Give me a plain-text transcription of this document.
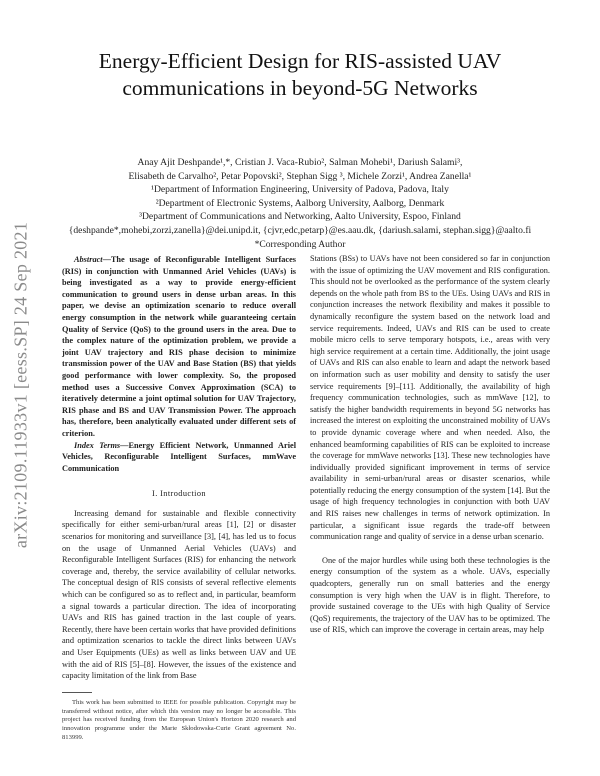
Energy-Efficient Design for RIS-assisted UAV
communications in beyond-5G Networks
Anay Ajit Deshpande¹,*, Cristian J. Vaca-Rubio², Salman Mohebi¹, Dariush Salami³,
Elisabeth de Carvalho², Petar Popovski², Stephan Sigg ³, Michele Zorzi¹, Andrea Zanella¹
¹Department of Information Engineering, University of Padova, Padova, Italy
²Department of Electronic Systems, Aalborg University, Aalborg, Denmark
³Department of Communications and Networking, Aalto University, Espoo, Finland
{deshpande*,mohebi,zorzi,zanella}@dei.unipd.it, {cjvr,edc,petarp}@es.aau.dk, {dariush.salami, stephan.sigg}@aalto.fi
*Corresponding Author
arXiv:2109.11933v1 [eess.SP] 24 Sep 2021	Abstract—The usage of Reconfigurable Intelligent Surfaces (RIS) in conjunction with Unmanned Ariel Vehicles (UAVs) is being investigated as a way to provide energy-efficient communication to ground users in dense urban areas. In this paper, we devise an optimization scenario to reduce overall energy consumption in the network while guaranteeing certain Quality of Service (QoS) to the ground users in the area. Due to the complex nature of the optimization problem, we provide a joint UAV trajectory and RIS phase decision to minimize transmission power of the UAV and Base Station (BS) that yields good performance with lower complexity. So, the proposed method uses a Successive Convex Approximation (SCA) to iteratively determine a joint optimal solution for UAV Trajectory, RIS phase and BS and UAV Transmission Power. The approach has, therefore, been analytically evaluated under different sets of criterion.

Index Terms—Energy Efficient Network, Unmanned Ariel Vehicles, Reconfigurable Intelligent Surfaces, mmWave Communication

I. Introduction

Increasing demand for sustainable and flexible connectivity specifically for either semi-urban/rural areas [1], [2] or disaster scenarios for monitoring and surveillance [3], [4], has led us to focus on the usage of Unmanned Aerial Vehicles (UAVs) and Reconfigurable Intelligent Surfaces (RIS) for enhancing the network coverage and, thereby, the service availability of cellular networks. The conceptual design of RIS consists of several reflective elements which can be configured so as to reflect and, in particular, beamform a signal towards a particular direction. The idea of incorporating UAVs and RIS has gained traction in the last couple of years. Recently, there have been certain works that have provided definitions and optimization scenarios to tackle the direct links between UAVs and User Equipments (UEs) as well as links between UAV and UE with the aid of RIS [5]–[8]. However, the issues of the existence and capacity limitation of the link from Base

This work has been submitted to IEEE for possible publication. Copyright may be transferred without notice, after which this version may no longer be accessible. This project has received funding from the European Union's Horizon 2020 research and innovation programme under the Marie Skłodowska-Curie Grant agreement No. 813999.

Stations (BSs) to UAVs have not been considered so far in conjunction with the issue of optimizing the UAV movement and RIS configuration. This should not be overlooked as the performance of the system clearly depends on the whole path from BS to the UEs. Using UAVs and RIS in conjunction increases the network flexibility and makes it possible to dynamically reconfigure the system based on the network load and service requirements. Indeed, UAVs and RIS can be used to create mobile micro cells to serve temporary hotspots, i.e., areas with very high service requirement at a certain time. Additionally, the joint usage of UAVs and RIS can also enable to learn and adapt the network based on information such as user mobility and density to satisfy the user service requirements [9]–[11]. Additionally, the availability of high frequency communication technologies, such as mmWave [12], to satisfy the higher bandwidth requirements in beyond 5G networks has increased the interest on exploiting the unconstrained mobility of UAVs to provide dynamic coverage where and when needed. Also, the enhanced beamforming capabilities of RIS can be exploited to increase the coverage for mmWave networks [13]. These new technologies have individually provided significant improvement in terms of service availability in semi-urban/rural areas or disaster scenarios, while potentially reducing the energy consumption of the system [14]. But the usage of high frequency technologies in conjunction with both UAV and RIS raises new challenges in terms of network optimization. In particular, a significant issue regards the trade-off between communication range and quality of service in a dense urban scenario.

One of the major hurdles while using both these technologies is the energy consumption of the system as a whole. UAVs, especially quadcopters, generally run on small batteries and the energy consumption is very high when the UAV is in flight. Therefore, to provide sustained coverage to the UEs with high Quality of Service (QoS) requirements, the trajectory of the UAV has to be optimized. The use of RIS, which can improve the coverage in certain areas, may help
